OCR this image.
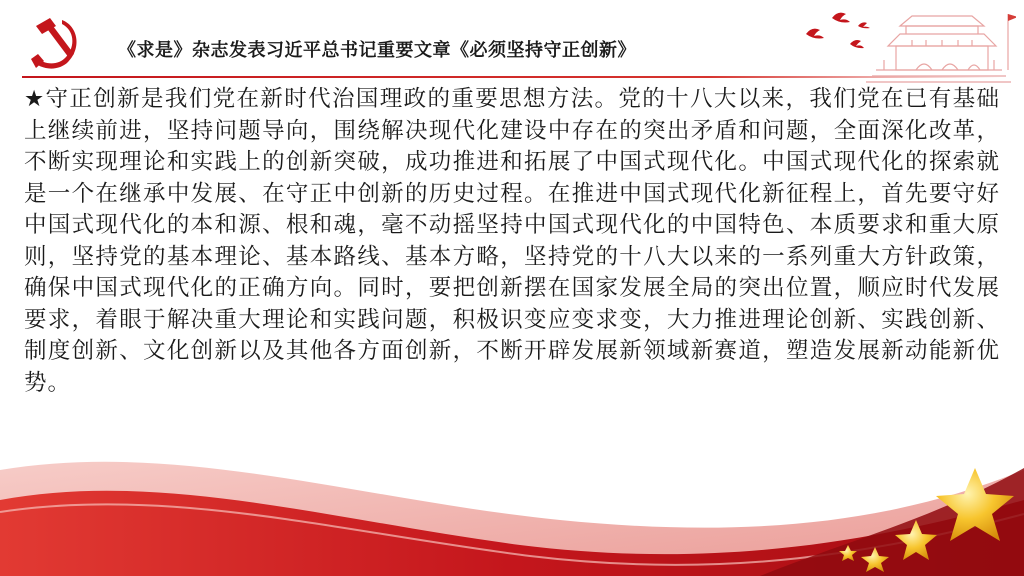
《求是》杂志发表习近平总书记重要文章《必须坚持守正创新》
★守正创新是我们党在新时代治国理政的重要思想方法。党的十八大以来，我们党在已有基础上继续前进，坚持问题导向，围绕解决现代化建设中存在的突出矛盾和问题，全面深化改革，不断实现理论和实践上的创新突破，成功推进和拓展了中国式现代化。中国式现代化的探索就是一个在继承中发展、在守正中创新的历史过程。在推进中国式现代化新征程上，首先要守好中国式现代化的本和源、根和魂，毫不动摇坚持中国式现代化的中国特色、本质要求和重大原则，坚持党的基本理论、基本路线、基本方略，坚持党的十八大以来的一系列重大方针政策，确保中国式现代化的正确方向。同时，要把创新摆在国家发展全局的突出位置，顺应时代发展要求，着眼于解决重大理论和实践问题，积极识变应变求变，大力推进理论创新、实践创新、制度创新、文化创新以及其他各方面创新，不断开辟发展新领域新赛道，塑造发展新动能新优势。
